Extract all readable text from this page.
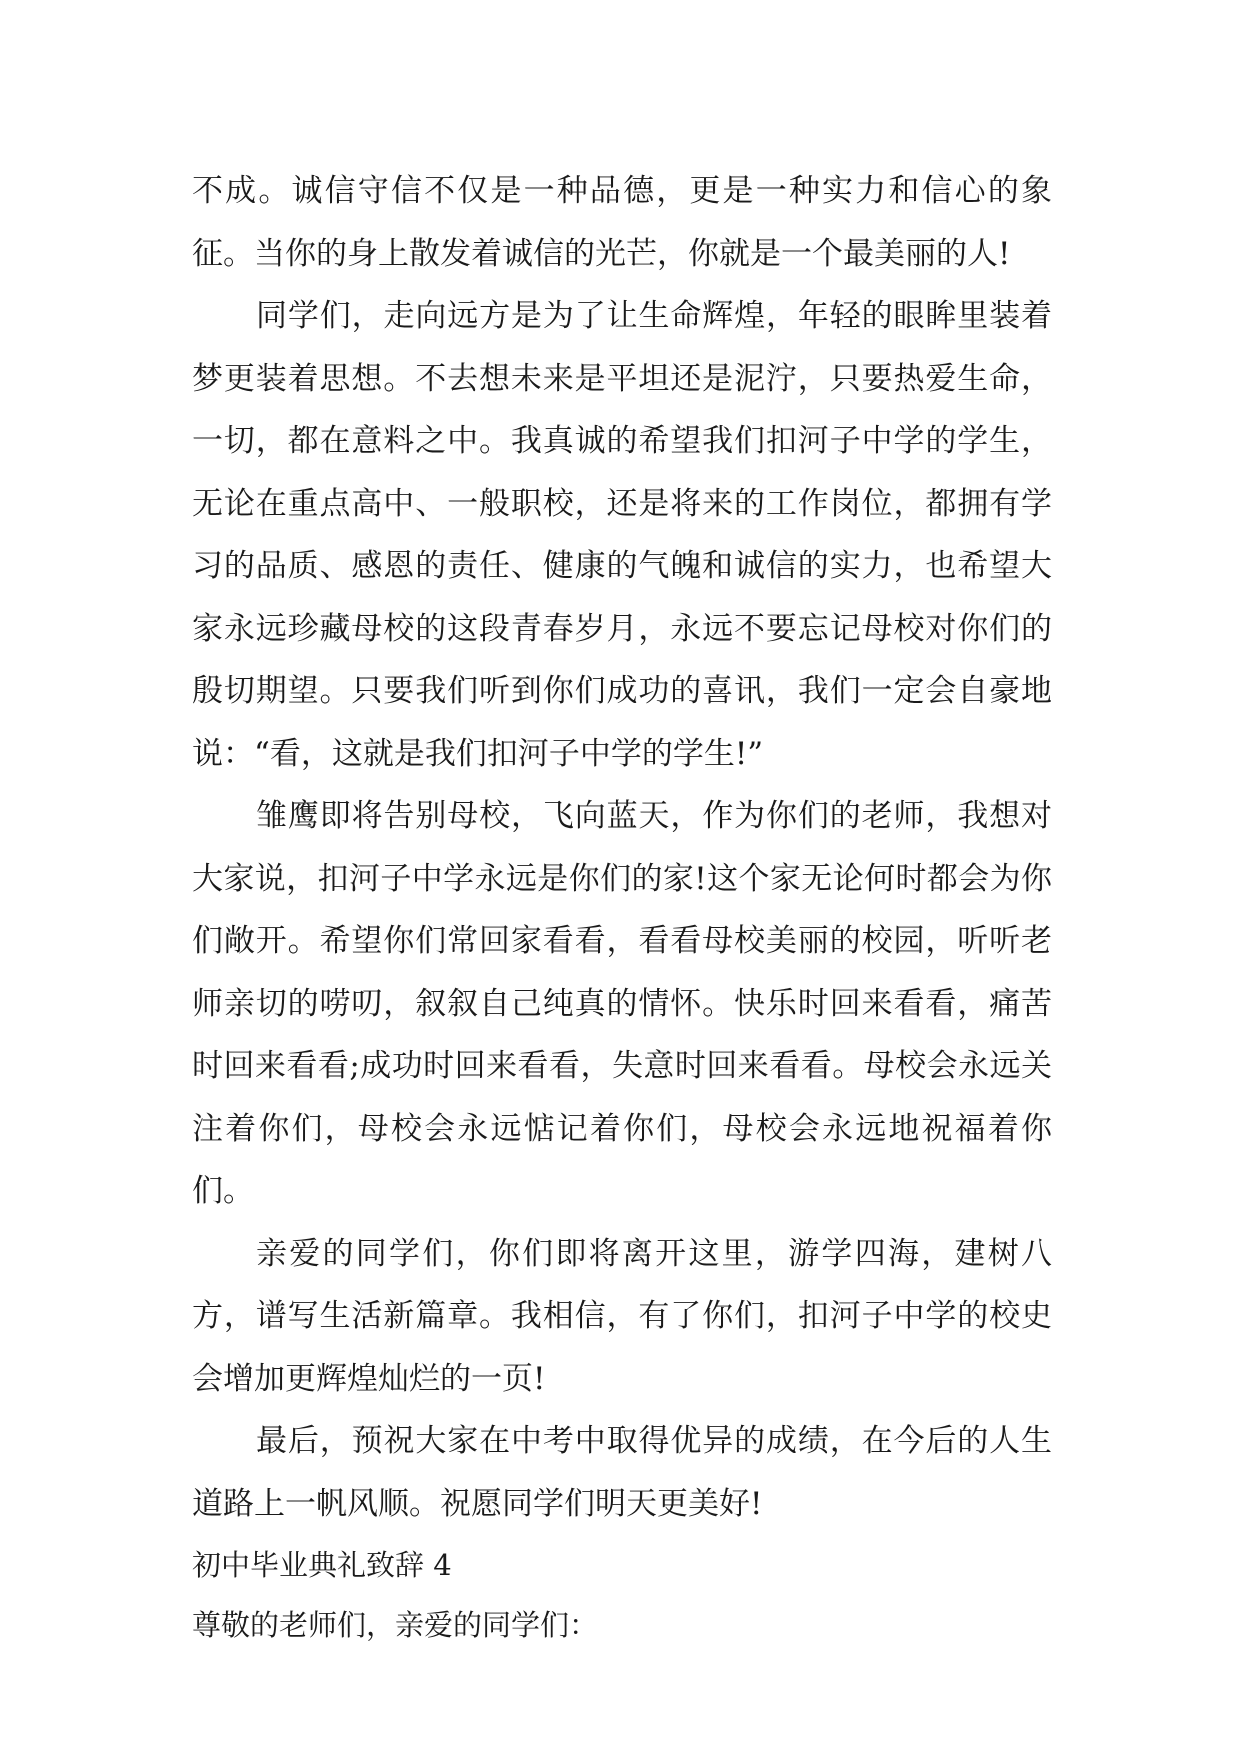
不成。诚信守信不仅是一种品德，更是一种实力和信心的象征。当你的身上散发着诚信的光芒，你就是一个最美丽的人!

同学们，走向远方是为了让生命辉煌，年轻的眼眸里装着梦更装着思想。不去想未来是平坦还是泥泞，只要热爱生命，一切，都在意料之中。我真诚的希望我们扣河子中学的学生，无论在重点高中、一般职校，还是将来的工作岗位，都拥有学习的品质、感恩的责任、健康的气魄和诚信的实力，也希望大家永远珍藏母校的这段青春岁月，永远不要忘记母校对你们的殷切期望。只要我们听到你们成功的喜讯，我们一定会自豪地说：“看，这就是我们扣河子中学的学生!”

雏鹰即将告别母校，飞向蓝天，作为你们的老师，我想对大家说，扣河子中学永远是你们的家!这个家无论何时都会为你们敞开。希望你们常回家看看，看看母校美丽的校园，听听老师亲切的唠叨，叙叙自己纯真的情怀。快乐时回来看看，痛苦时回来看看;成功时回来看看，失意时回来看看。母校会永远关注着你们，母校会永远惦记着你们，母校会永远地祝福着你们。

亲爱的同学们，你们即将离开这里，游学四海，建树八方，谱写生活新篇章。我相信，有了你们，扣河子中学的校史会增加更辉煌灿烂的一页!

最后，预祝大家在中考中取得优异的成绩，在今后的人生道路上一帆风顺。祝愿同学们明天更美好!

初中毕业典礼致辞 4

尊敬的老师们，亲爱的同学们：
